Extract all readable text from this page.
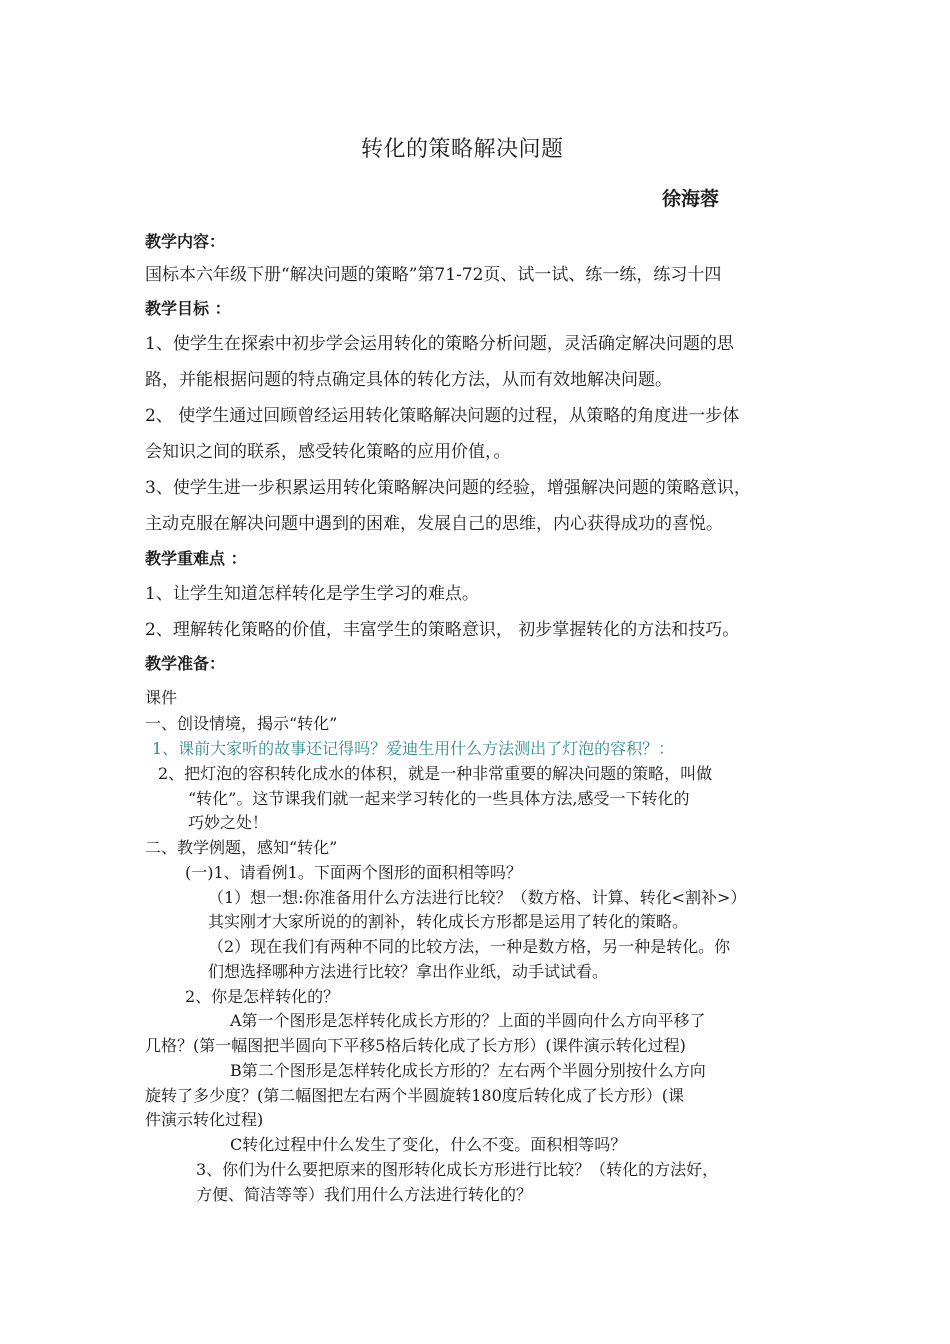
转化的策略解决问题
徐海蓉
教学内容：
国标本六年级下册“解决问题的策略”第71-72页、试一试、练一练，练习十四
教学目标 ：
1、使学生在探索中初步学会运用转化的策略分析问题，灵活确定解决问题的思
路，并能根据问题的特点确定具体的转化方法，从而有效地解决问题。
2、 使学生通过回顾曾经运用转化策略解决问题的过程，从策略的角度进一步体
会知识之间的联系，感受转化策略的应用价值，。
3、使学生进一步积累运用转化策略解决问题的经验，增强解决问题的策略意识，
主动克服在解决问题中遇到的困难，发展自己的思维，内心获得成功的喜悦。
教学重难点 ：
1、让学生知道怎样转化是学生学习的难点。
2、理解转化策略的价值，丰富学生的策略意识， 初步掌握转化的方法和技巧。
教学准备：
课件
一、创设情境，揭示“转化”
1、课前大家听的故事还记得吗？爱迪生用什么方法测出了灯泡的容积？：
2、把灯泡的容积转化成水的体积，就是一种非常重要的解决问题的策略，叫做
“转化”。这节课我们就一起来学习转化的一些具体方法,感受一下转化的
巧妙之处！
二、教学例题，感知“转化”
(一)1、请看例1。下面两个图形的面积相等吗？
（1）想一想:你准备用什么方法进行比较？（数方格、计算、转化<割补>）
其实刚才大家所说的的割补，转化成长方形都是运用了转化的策略。
（2）现在我们有两种不同的比较方法，一种是数方格，另一种是转化。你
们想选择哪种方法进行比较？拿出作业纸，动手试试看。
2、你是怎样转化的？
A第一个图形是怎样转化成长方形的？上面的半圆向什么方向平移了
几格？(第一幅图把半圆向下平移5格后转化成了长方形）(课件演示转化过程)
B第二个图形是怎样转化成长方形的？左右两个半圆分别按什么方向
旋转了多少度？(第二幅图把左右两个半圆旋转180度后转化成了长方形）(课
件演示转化过程)
C转化过程中什么发生了变化，什么不变。面积相等吗？
3、你们为什么要把原来的图形转化成长方形进行比较？（转化的方法好，
方便、简洁等等）我们用什么方法进行转化的？
